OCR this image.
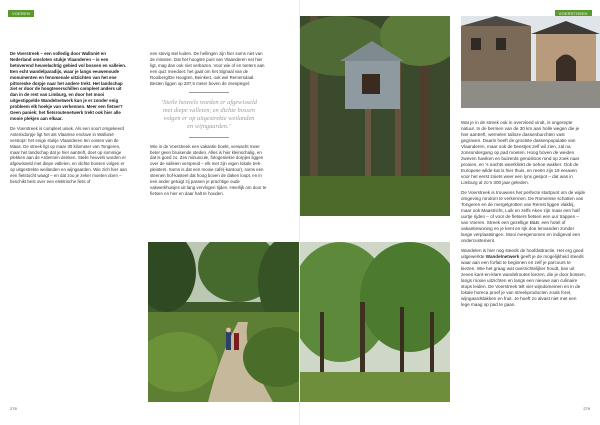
VOEREN

De Voerstreek – een volledig door Wallonië en Nederland omsloten stukje Vlaanderen – is een betoverend heuvelachtig gebied vol bossen en valleien. Een echt wandelparadijs, waar je langs eeuwenoude monumenten en fenomenale uitzichten van het ene pittoreske dorpje naar het andere trekt. Het landschap ziet er door de hoogteverschillen compleet anders uit dan in de rest van Limburg, en door het mooi uitgestippelde Wandelnetwerk kun je er zonder enig probleem elk hoekje van verkennen. Meer een fietser? Geen paniek: het fietsroutenetwerk trekt ook hier alle mooie plekjes aan elkaar.

De Voerstreek is compleet uniek. Als een soort omgekeerd Asterixdorpje ligt het als Vlaamse enclave in Wallonië verstopt: het enige stukje Vlaanderen ten oosten van de Maas. De streek ligt op maar 30 kilometer van Tongeren, maar het landschap dat je hier aantreft, doet op sommige plekken aan de Ardennen denken. Steile heuvels worden er afgewisseld met diepe valleien, en dichte bossen volgen er op uitgestrekte weilanden en wijngaarden. Wie zich hier aan een fietstocht waagt – en dat zou je zeker moeten doen – beschikt best over een elektrische fiets of

een stevig stel kuiten. De hellingen zijn hier soms niet van de minsten. Dat het hoogste punt van Vlaanderen net hier ligt, mag dan ook niet verbazen. Voor wie of en toeters aan een quiz meedoet: het gaat om het Signaal van de Rooiberg/De Hoogten, Beinkert, ook wel Remersdaal. Besten liggen op 287,5 meter boven de zeespiegel.

‘Steile heuvels worden er afgewisseld met diepe valleien, en dichte bossen volgen er op uitgestrekte weilanden en wijngaarden.’

Wie in de Voerstreek een vakantie boekt, verwacht meer beter geen bruisende steden. Alles is hier kleinschalig, en dat is goed zo. Zes minuscule, fotogeniekre dorpjes liggen over de valleien verspreid – elk met zijn eigen lokale trek-pleisters. Soms is dat een mooie café(-kantoor), soms een steenen hof-kasteel dat hoog boven de daken loopt, en in een ander getuigt zij passen je prachtige oude vakwerkhuisjes uit lang vervlogen tijden. Heerlijk om door te fietsen en hier en daar halt te houden.

278
VOERSTREEK

Wat je in de streek ook in overvloed vindt, is ongerepte natuur. In de bermen van de 30 km aan holle wegen die je hier aantreft, wemelen talloze dassenburchten vast gegraven. Daarin heeft de grootste dassenpopulatie van Vlaanderen, maar ook de beestjes zelf wil zien, zal na zonsondergang op pad moeten. Hoog boven de weiden zweven haviken en buizerds geruisloos rond op zoek naar prooien, en ’s nachts weerklinkt de oehoe wakker. Ook de Europese wilde kat is hier thuis, en reeën zijn 19 eeuwen voor het eerst zoiets weer een lynx gespot – dat was in Limburg al zo’n 300 jaar geleden.

De Voerstreek is trouwens het perfecte startpunt om de wijde omgeving rondom te verkennen. De Romeinse schatten van Tongeren en de mergelgrotten van Remst liggen vlakbij, maar ook Maastricht, Luik en zelfs Aken zijn maar een half uurtje rijden – of voor de fietsers fietsen een uur trappen – van Voeren. Streek een gezellige B&B, een hotel of vakantiewoning en je kent en rijk doe lenvanden zonder lange verplaatsingen. Mooi meegenomen en indigeval een ondercustement.

Wandelen is hier nog steeds de hoofdattractie. Het erg goed uitgewerkte Wandelnetwerk geeft je de mogelijkheid steeds waar aan een forfait te beginnen en zelf je parcours te kiezen. Wie het graag wat overzichtelijker houdt, kan uit zeven kant-en-klare wandelroutes kiezen, die je door bossen, langs mooie uitzichten en langs een nieuwe aan culinaire stops leiden. De Voerstreek telt vier wijndomeinen en in de lokale horeca proef je van streekproducten zoals forel, wijngaardslakken en fruit. Je hoeft zo alvast niet met een lege maag op pad te gaan.

279
